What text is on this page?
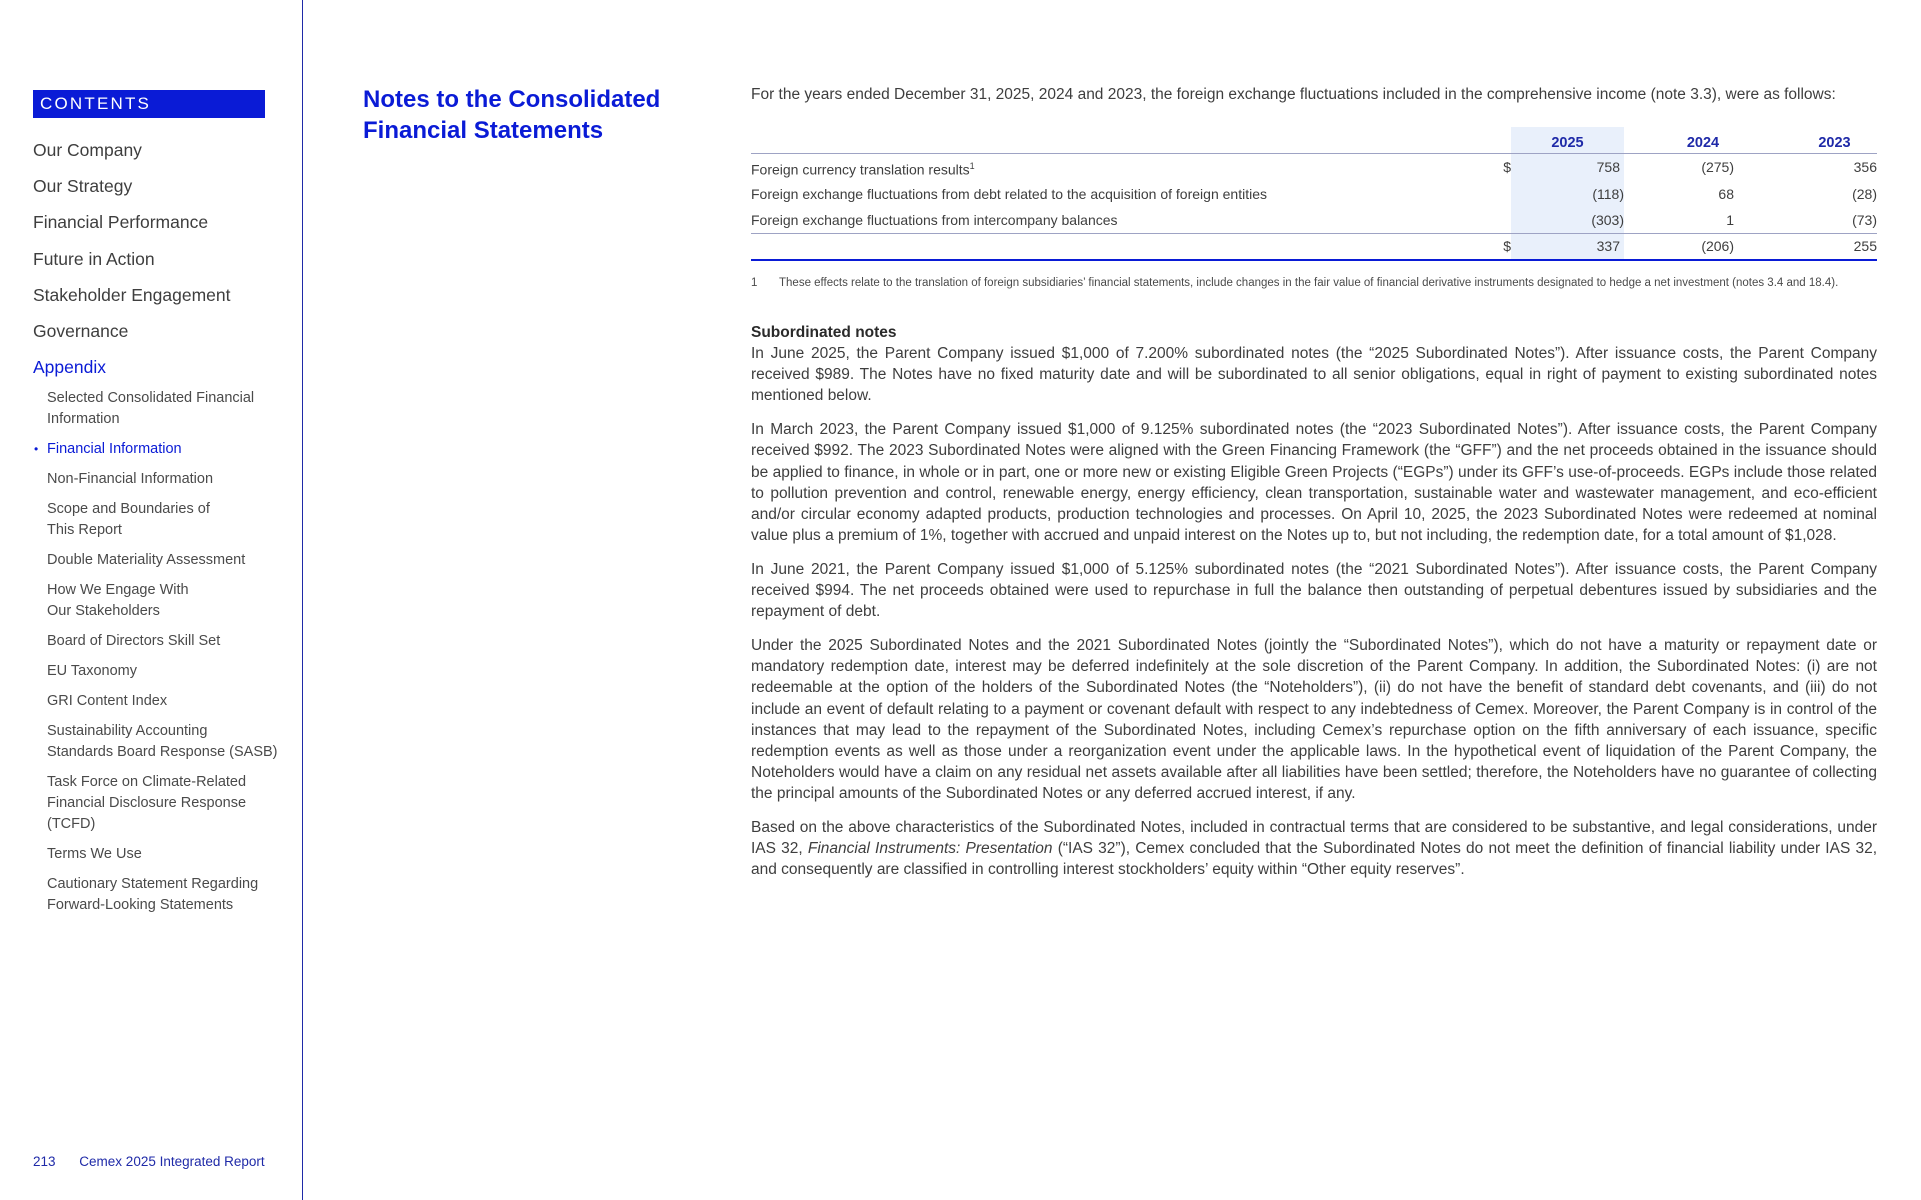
CONTENTS
Our Company
Our Strategy
Financial Performance
Future in Action
Stakeholder Engagement
Governance
Appendix
Selected Consolidated Financial
Information
• Financial Information
Non-Financial Information
Scope and Boundaries of
This Report
Double Materiality Assessment
How We Engage With
Our Stakeholders
Board of Directors Skill Set
EU Taxonomy
GRI Content Index
Sustainability Accounting
Standards Board Response (SASB)
Task Force on Climate-Related
Financial Disclosure Response
(TCFD)
Terms We Use
Cautionary Statement Regarding
Forward-Looking Statements
213 Cemex 2025 Integrated Report
Notes to the Consolidated
Financial Statements

For the years ended December 31, 2025, 2024 and 2023, the foreign exchange fluctuations included in the comprehensive income (note 3.3), were as follows:

		2025	2024	2023
Foreign currency translation results$^1$	$	758	(275)	356
Foreign exchange fluctuations from debt related to the acquisition of foreign entities		(118)	68	(28)
Foreign exchange fluctuations from intercompany balances		(303)	1	(73)
	$	337	(206)	255
1	These effects relate to the translation of foreign subsidiaries’ financial statements, include changes in the fair value of financial derivative instruments designated to hedge a net investment (notes 3.4 and 18.4).
Subordinated notes

In June 2025, the Parent Company issued $1,000 of 7.200% subordinated notes (the “2025 Subordinated Notes”). After issuance costs, the Parent Company received $989. The Notes have no fixed maturity date and will be subordinated to all senior obligations, equal in right of payment to existing subordinated notes mentioned below.

In March 2023, the Parent Company issued $1,000 of 9.125% subordinated notes (the “2023 Subordinated Notes”). After issuance costs, the Parent Company received $992. The 2023 Subordinated Notes were aligned with the Green Financing Framework (the “GFF”) and the net proceeds obtained in the issuance should be applied to finance, in whole or in part, one or more new or existing Eligible Green Projects (“EGPs”) under its GFF’s use-of-proceeds. EGPs include those related to pollution prevention and control, renewable energy, energy efficiency, clean transportation, sustainable water and wastewater management, and eco-efficient and/or circular economy adapted products, production technologies and processes. On April 10, 2025, the 2023 Subordinated Notes were redeemed at nominal value plus a premium of 1%, together with accrued and unpaid interest on the Notes up to, but not including, the redemption date, for a total amount of $1,028.

In June 2021, the Parent Company issued $1,000 of 5.125% subordinated notes (the “2021 Subordinated Notes”). After issuance costs, the Parent Company received $994. The net proceeds obtained were used to repurchase in full the balance then outstanding of perpetual debentures issued by subsidiaries and the repayment of debt.

Under the 2025 Subordinated Notes and the 2021 Subordinated Notes (jointly the “Subordinated Notes”), which do not have a maturity or repayment date or mandatory redemption date, interest may be deferred indefinitely at the sole discretion of the Parent Company. In addition, the Subordinated Notes: (i) are not redeemable at the option of the holders of the Subordinated Notes (the “Noteholders”), (ii) do not have the benefit of standard debt covenants, and (iii) do not include an event of default relating to a payment or covenant default with respect to any indebtedness of Cemex. Moreover, the Parent Company is in control of the instances that may lead to the repayment of the Subordinated Notes, including Cemex’s repurchase option on the fifth anniversary of each issuance, specific redemption events as well as those under a reorganization event under the applicable laws. In the hypothetical event of liquidation of the Parent Company, the Noteholders would have a claim on any residual net assets available after all liabilities have been settled; therefore, the Noteholders have no guarantee of collecting the principal amounts of the Subordinated Notes or any deferred accrued interest, if any.

Based on the above characteristics of the Subordinated Notes, included in contractual terms that are considered to be substantive, and legal considerations, under IAS 32, Financial Instruments: Presentation (“IAS 32”), Cemex concluded that the Subordinated Notes do not meet the definition of financial liability under IAS 32, and consequently are classified in controlling interest stockholders’ equity within “Other equity reserves”.
